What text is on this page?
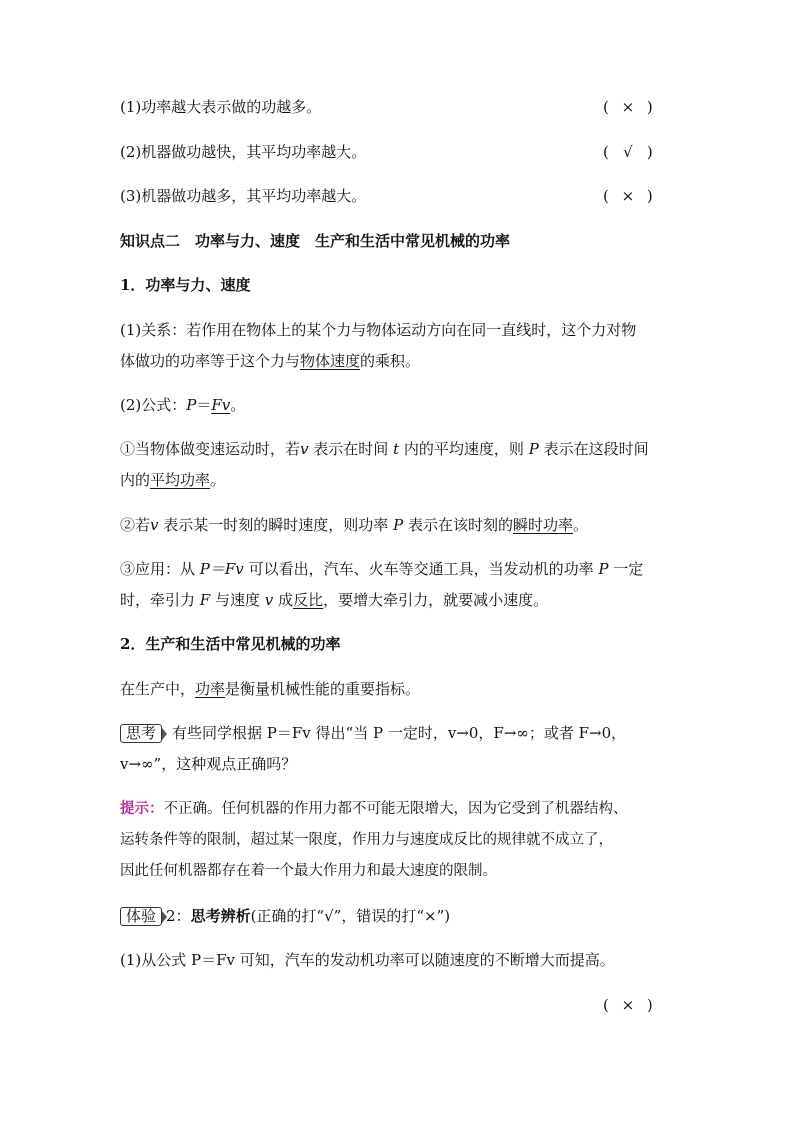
(1)功率越大表示做的功越多。	( × )
(2)机器做功越快，其平均功率越大。	( √ )
(3)机器做功越多，其平均功率越大。	( × )
知识点二　功率与力、速度　生产和生活中常见机械的功率
1．功率与力、速度
(1)关系：若作用在物体上的某个力与物体运动方向在同一直线时，这个力对物
体做功的功率等于这个力与物体速度的乘积。
(2)公式：P＝Fv。
①当物体做变速运动时，若v 表示在时间 t 内的平均速度，则 P 表示在这段时间
内的平均功率。
②若v 表示某一时刻的瞬时速度，则功率 P 表示在该时刻的瞬时功率。
③应用：从 P＝Fv 可以看出，汽车、火车等交通工具，当发动机的功率 P 一定
时，牵引力 F 与速度 v 成反比，要增大牵引力，就要减小速度。
2．生产和生活中常见机械的功率
在生产中，功率是衡量机械性能的重要指标。
思考 有些同学根据 P＝Fv 得出“当 P 一定时，v→0，F→∞；或者 F→0，
v→∞”，这种观点正确吗？
提示：不正确。任何机器的作用力都不可能无限增大，因为它受到了机器结构、
运转条件等的限制，超过某一限度，作用力与速度成反比的规律就不成立了，
因此任何机器都存在着一个最大作用力和最大速度的限制。
体验 2：思考辨析(正确的打“√”，错误的打“×”)
(1)从公式 P＝Fv 可知，汽车的发动机功率可以随速度的不断增大而提高。
( × )
